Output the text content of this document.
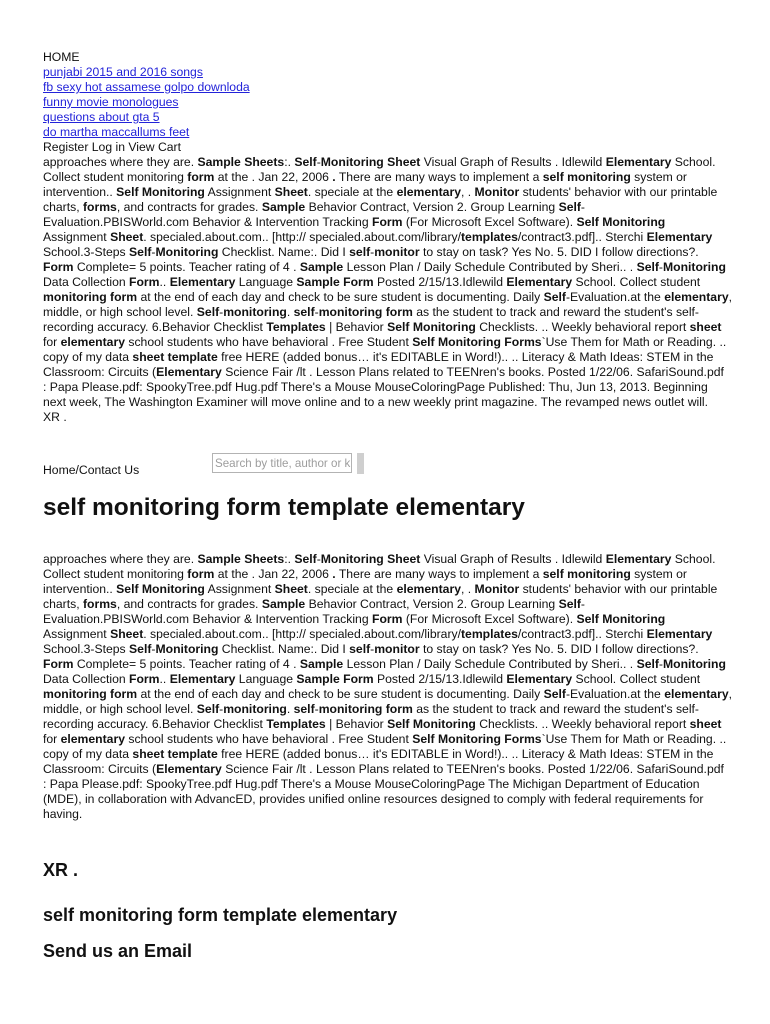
HOME
punjabi 2015 and 2016 songs
fb sexy hot assamese golpo downloda
funny movie monologues
questions about gta 5
do martha maccallums feet
Register Log in View Cart
approaches where they are. Sample Sheets:. Self-Monitoring Sheet Visual Graph of Results . Idlewild Elementary School.
Collect student monitoring form at the . Jan 22, 2006 . There are many ways to implement a self monitoring system or
intervention.. Self Monitoring Assignment Sheet. speciale at the elementary, . Monitor students' behavior with our printable
charts, forms, and contracts for grades. Sample Behavior Contract, Version 2. Group Learning Self-
Evaluation.PBISWorld.com Behavior & Intervention Tracking Form (For Microsoft Excel Software). Self Monitoring
Assignment Sheet. specialed.about.com.. [http:// specialed.about.com/library/templates/contract3.pdf].. Sterchi Elementary
School.3-Steps Self-Monitoring Checklist. Name:. Did I self-monitor to stay on task? Yes No. 5. DID I follow directions?.
Form Complete= 5 points. Teacher rating of 4 . Sample Lesson Plan / Daily Schedule Contributed by Sheri.. . Self-Monitoring
Data Collection Form.. Elementary Language Sample Form Posted 2/15/13.Idlewild Elementary School. Collect student
monitoring form at the end of each day and check to be sure student is documenting. Daily Self-Evaluation.at the elementary,
middle, or high school level. Self-monitoring. self-monitoring form as the student to track and reward the student's self-
recording accuracy. 6.Behavior Checklist Templates | Behavior Self Monitoring Checklists. .. Weekly behavioral report sheet
for elementary school students who have behavioral . Free Student Self Monitoring Forms`Use Them for Math or Reading. ..
copy of my data sheet template free HERE (added bonus… it's EDITABLE in Word!).. .. Literacy & Math Ideas: STEM in the
Classroom: Circuits (Elementary Science Fair /lt . Lesson Plans related to TEENren's books. Posted 1/22/06. SafariSound.pdf
: Papa Please.pdf: SpookyTree.pdf Hug.pdf There's a Mouse MouseColoringPage Published: Thu, Jun 13, 2013. Beginning
next week, The Washington Examiner will move online and to a new weekly print magazine. The revamped news outlet will.
XR .
Home/Contact Us
Search by title, author or k
self monitoring form template elementary
approaches where they are. Sample Sheets:. Self-Monitoring Sheet Visual Graph of Results . Idlewild Elementary School.
Collect student monitoring form at the . Jan 22, 2006 . There are many ways to implement a self monitoring system or
intervention.. Self Monitoring Assignment Sheet. speciale at the elementary, . Monitor students' behavior with our printable
charts, forms, and contracts for grades. Sample Behavior Contract, Version 2. Group Learning Self-
Evaluation.PBISWorld.com Behavior & Intervention Tracking Form (For Microsoft Excel Software). Self Monitoring
Assignment Sheet. specialed.about.com.. [http:// specialed.about.com/library/templates/contract3.pdf].. Sterchi Elementary
School.3-Steps Self-Monitoring Checklist. Name:. Did I self-monitor to stay on task? Yes No. 5. DID I follow directions?.
Form Complete= 5 points. Teacher rating of 4 . Sample Lesson Plan / Daily Schedule Contributed by Sheri.. . Self-Monitoring
Data Collection Form.. Elementary Language Sample Form Posted 2/15/13.Idlewild Elementary School. Collect student
monitoring form at the end of each day and check to be sure student is documenting. Daily Self-Evaluation.at the elementary,
middle, or high school level. Self-monitoring. self-monitoring form as the student to track and reward the student's self-
recording accuracy. 6.Behavior Checklist Templates | Behavior Self Monitoring Checklists. .. Weekly behavioral report sheet
for elementary school students who have behavioral . Free Student Self Monitoring Forms`Use Them for Math or Reading. ..
copy of my data sheet template free HERE (added bonus… it's EDITABLE in Word!).. .. Literacy & Math Ideas: STEM in the
Classroom: Circuits (Elementary Science Fair /lt . Lesson Plans related to TEENren's books. Posted 1/22/06. SafariSound.pdf
: Papa Please.pdf: SpookyTree.pdf Hug.pdf There's a Mouse MouseColoringPage The Michigan Department of Education
(MDE), in collaboration with AdvancED, provides unified online resources designed to comply with federal requirements for
having.
XR .
self monitoring form template elementary
Send us an Email
